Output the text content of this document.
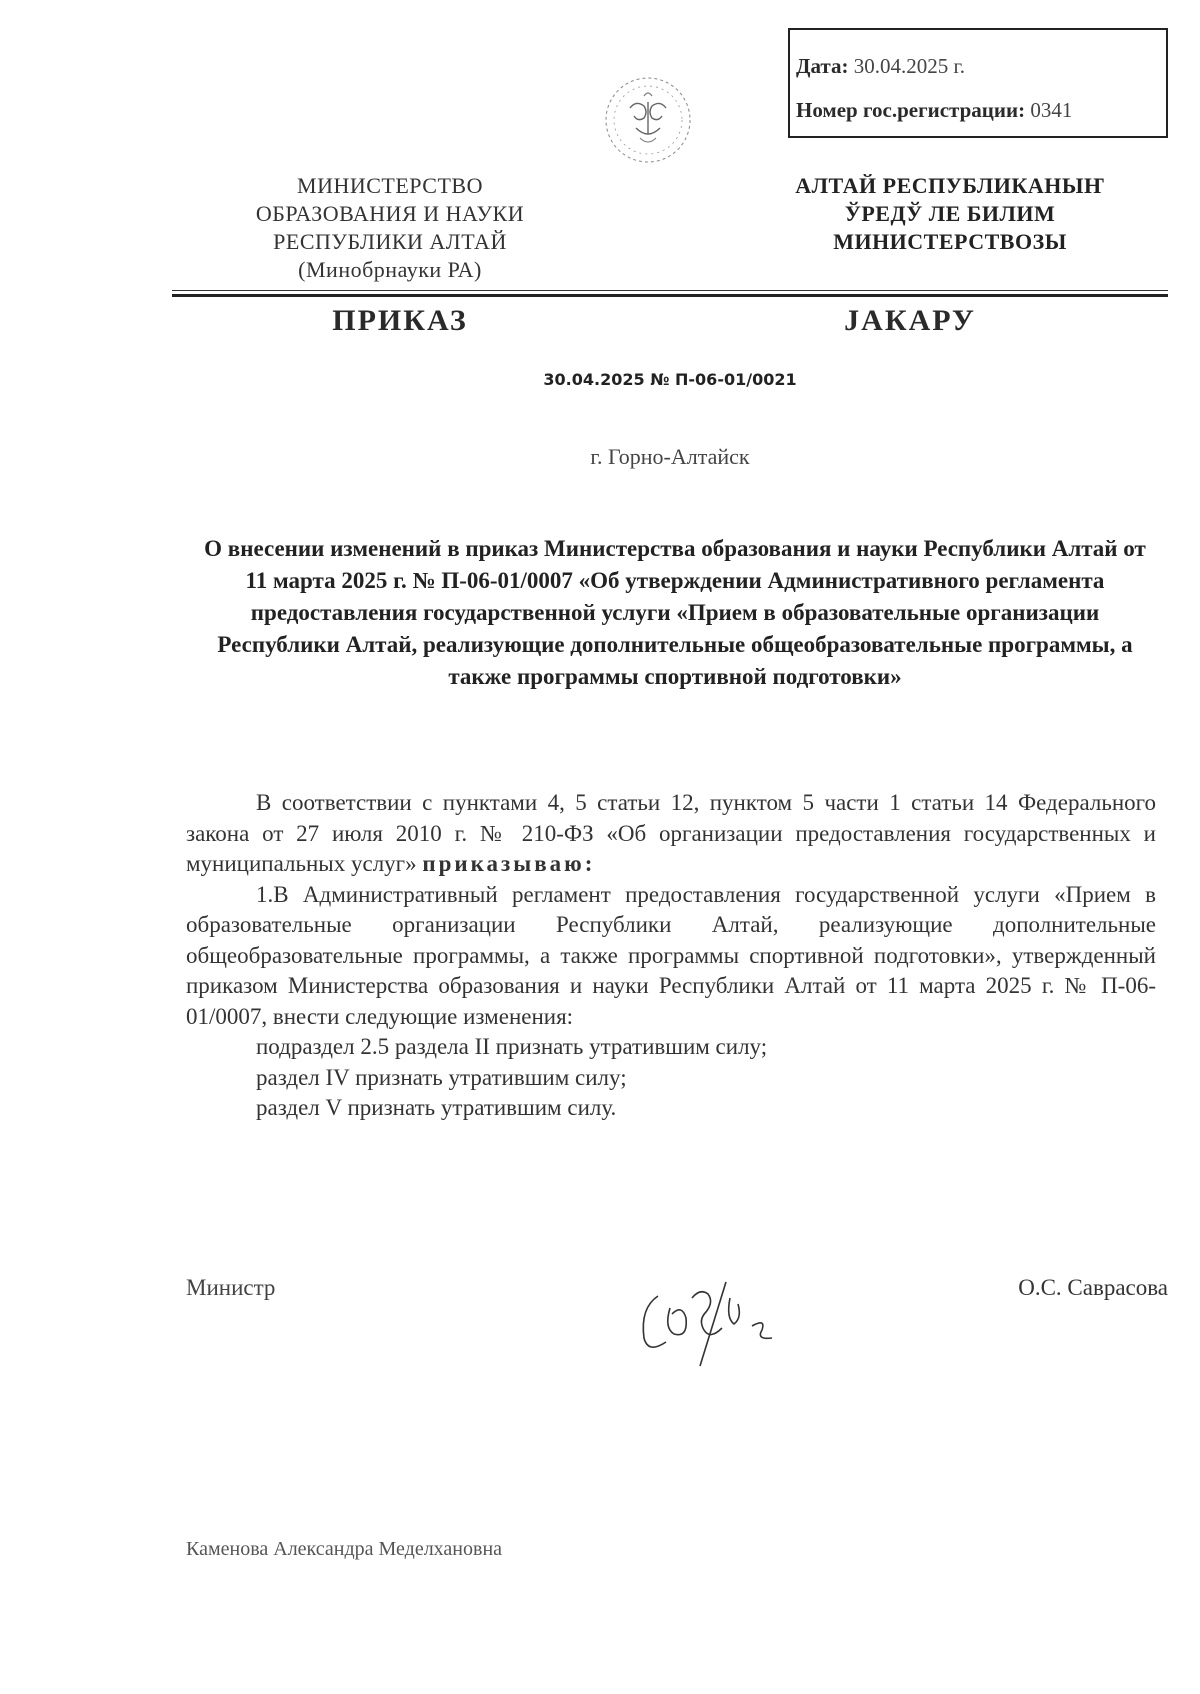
Дата: 30.04.2025 г.
Номер гос.регистрации: 0341
МИНИСТЕРСТВО
ОБРАЗОВАНИЯ И НАУКИ
РЕСПУБЛИКИ АЛТАЙ
(Минобрнауки РА)
АЛТАЙ РЕСПУБЛИКАНЫҤ
ЎРЕДЎ ЛЕ БИЛИМ
МИНИСТЕРСТВОЗЫ
ПРИКАЗ	JАКАРУ
30.04.2025 № П-06-01/0021
г. Горно-Алтайск
О внесении изменений в приказ Министерства образования и науки Республики Алтай от 11 марта 2025 г. № П-06-01/0007 «Об утверждении Административного регламента предоставления государственной услуги «Прием в образовательные организации Республики Алтай, реализующие дополнительные общеобразовательные программы, а также программы спортивной подготовки»

В соответствии с пунктами 4, 5 статьи 12, пунктом 5 части 1 статьи 14 Федерального закона от 27 июля 2010 г. № 210-ФЗ «Об организации предоставления государственных и муниципальных услуг» приказываю:

1.В Административный регламент предоставления государственной услуги «Прием в образовательные организации Республики Алтай, реализующие дополнительные общеобразовательные программы, а также программы спортивной подготовки», утвержденный приказом Министерства образования и науки Республики Алтай от 11 марта 2025 г. № П-06-01/0007, внести следующие изменения:

подраздел 2.5 раздела II признать утратившим силу;

раздел IV признать утратившим силу;

раздел V признать утратившим силу.

Министр	О.С. Саврасова
Каменова Александра Меделхановна
